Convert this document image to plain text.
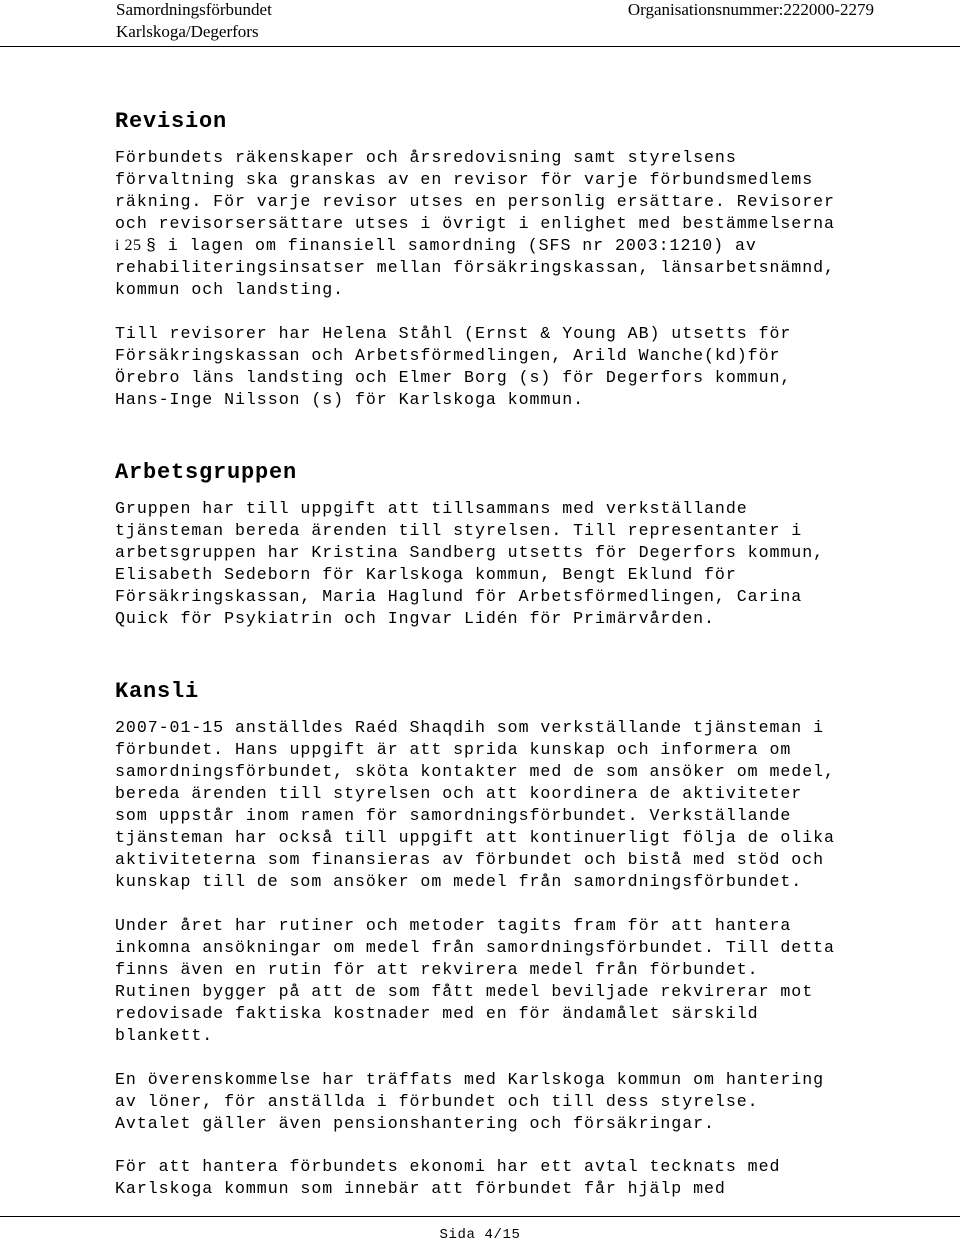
Samordningsförbundet
Karlskoga/Degerfors
Organisationsnummer:222000-2279
Revision

Förbundets räkenskaper och årsredovisning samt styrelsens
förvaltning ska granskas av en revisor för varje förbundsmedlems
räkning. För varje revisor utses en personlig ersättare. Revisorer
och revisorsersättare utses i övrigt i enlighet med bestämmelserna
i 25 § i lagen om finansiell samordning (SFS nr 2003:1210) av
rehabiliteringsinsatser mellan försäkringskassan, länsarbetsnämnd,
kommun och landsting.

Till revisorer har Helena Ståhl (Ernst & Young AB) utsetts för
Försäkringskassan och Arbetsförmedlingen, Arild Wanche(kd)för
Örebro läns landsting och Elmer Borg (s) för Degerfors kommun,
Hans-Inge Nilsson (s) för Karlskoga kommun.

Arbetsgruppen

Gruppen har till uppgift att tillsammans med verkställande
tjänsteman bereda ärenden till styrelsen. Till representanter i
arbetsgruppen har Kristina Sandberg utsetts för Degerfors kommun,
Elisabeth Sedeborn för Karlskoga kommun, Bengt Eklund för
Försäkringskassan, Maria Haglund för Arbetsförmedlingen, Carina
Quick för Psykiatrin och Ingvar Lidén för Primärvården.

Kansli

2007-01-15 anställdes Raéd Shaqdih som verkställande tjänsteman i
förbundet. Hans uppgift är att sprida kunskap och informera om
samordningsförbundet, sköta kontakter med de som ansöker om medel,
bereda ärenden till styrelsen och att koordinera de aktiviteter
som uppstår inom ramen för samordningsförbundet. Verkställande
tjänsteman har också till uppgift att kontinuerligt följa de olika
aktiviteterna som finansieras av förbundet och bistå med stöd och
kunskap till de som ansöker om medel från samordningsförbundet.

Under året har rutiner och metoder tagits fram för att hantera
inkomna ansökningar om medel från samordningsförbundet. Till detta
finns även en rutin för att rekvirera medel från förbundet.
Rutinen bygger på att de som fått medel beviljade rekvirerar mot
redovisade faktiska kostnader med en för ändamålet särskild
blankett.

En överenskommelse har träffats med Karlskoga kommun om hantering
av löner, för anställda i förbundet och till dess styrelse.
Avtalet gäller även pensionshantering och försäkringar.

För att hantera förbundets ekonomi har ett avtal tecknats med
Karlskoga kommun som innebär att förbundet får hjälp med

Sida 4/15
